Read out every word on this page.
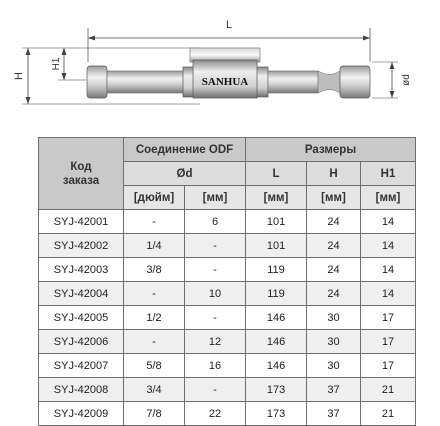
L
H
H1
ød
SANHUA
Код
заказа	Соединение ODF		Размеры		
	Ød		L	H	H1
	[дюйм]	[мм]	[мм]	[мм]	[мм]
SYJ-42001	-	6	101	24	14
SYJ-42002	1/4	-	101	24	14
SYJ-42003	3/8	-	119	24	14
SYJ-42004	-	10	119	24	14
SYJ-42005	1/2	-	146	30	17
SYJ-42006	-	12	146	30	17
SYJ-42007	5/8	16	146	30	17
SYJ-42008	3/4	-	173	37	21
SYJ-42009	7/8	22	173	37	21
